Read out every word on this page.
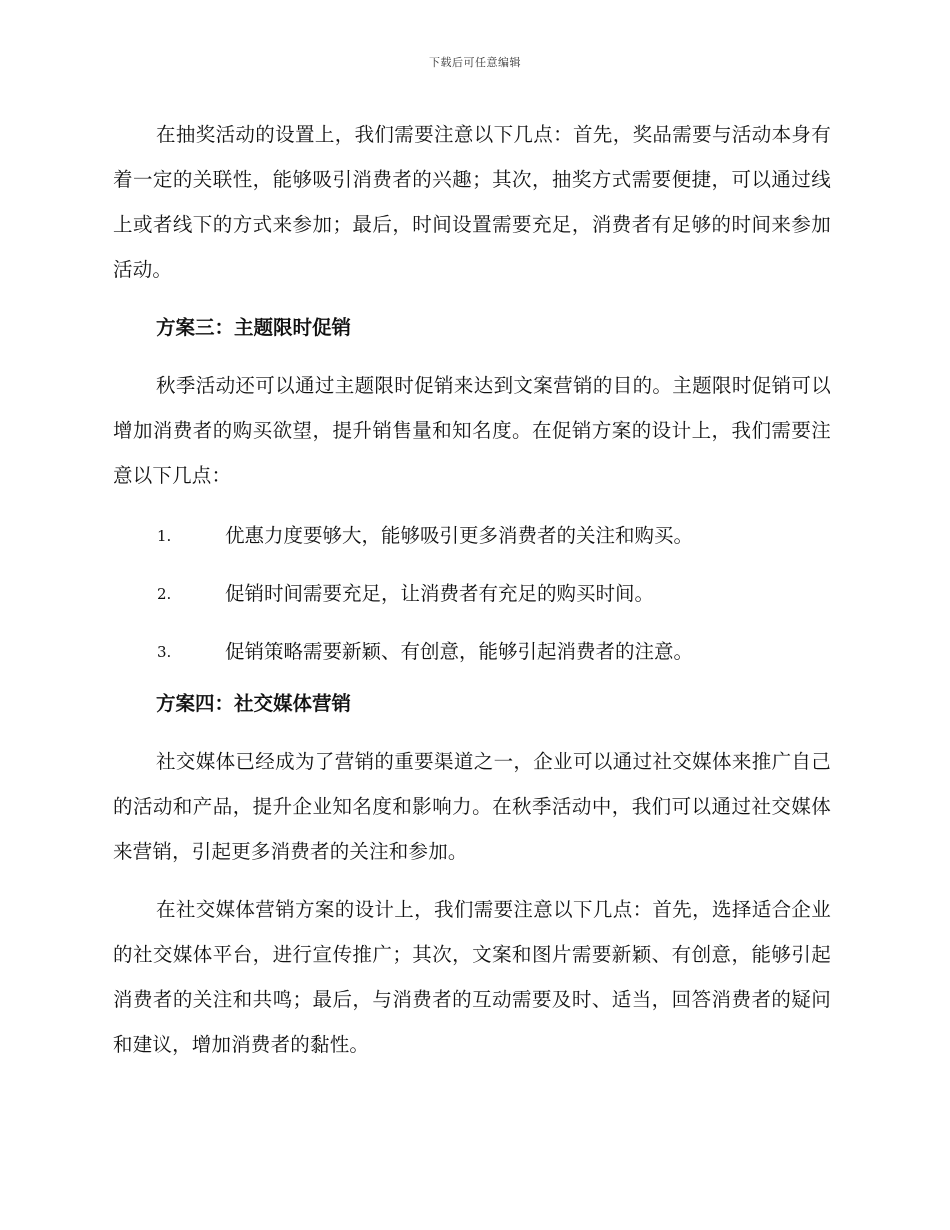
下载后可任意编辑

在抽奖活动的设置上，我们需要注意以下几点：首先，奖品需要与活动本身有着一定的关联性，能够吸引消费者的兴趣；其次，抽奖方式需要便捷，可以通过线上或者线下的方式来参加；最后，时间设置需要充足，消费者有足够的时间来参加活动。

方案三：主题限时促销

秋季活动还可以通过主题限时促销来达到文案营销的目的。主题限时促销可以增加消费者的购买欲望，提升销售量和知名度。在促销方案的设计上，我们需要注意以下几点：

1.	优惠力度要够大，能够吸引更多消费者的关注和购买。
2.	促销时间需要充足，让消费者有充足的购买时间。
3.	促销策略需要新颖、有创意，能够引起消费者的注意。

方案四：社交媒体营销

社交媒体已经成为了营销的重要渠道之一，企业可以通过社交媒体来推广自己的活动和产品，提升企业知名度和影响力。在秋季活动中，我们可以通过社交媒体来营销，引起更多消费者的关注和参加。

在社交媒体营销方案的设计上，我们需要注意以下几点：首先，选择适合企业的社交媒体平台，进行宣传推广；其次，文案和图片需要新颖、有创意，能够引起消费者的关注和共鸣；最后，与消费者的互动需要及时、适当，回答消费者的疑问和建议，增加消费者的黏性。
